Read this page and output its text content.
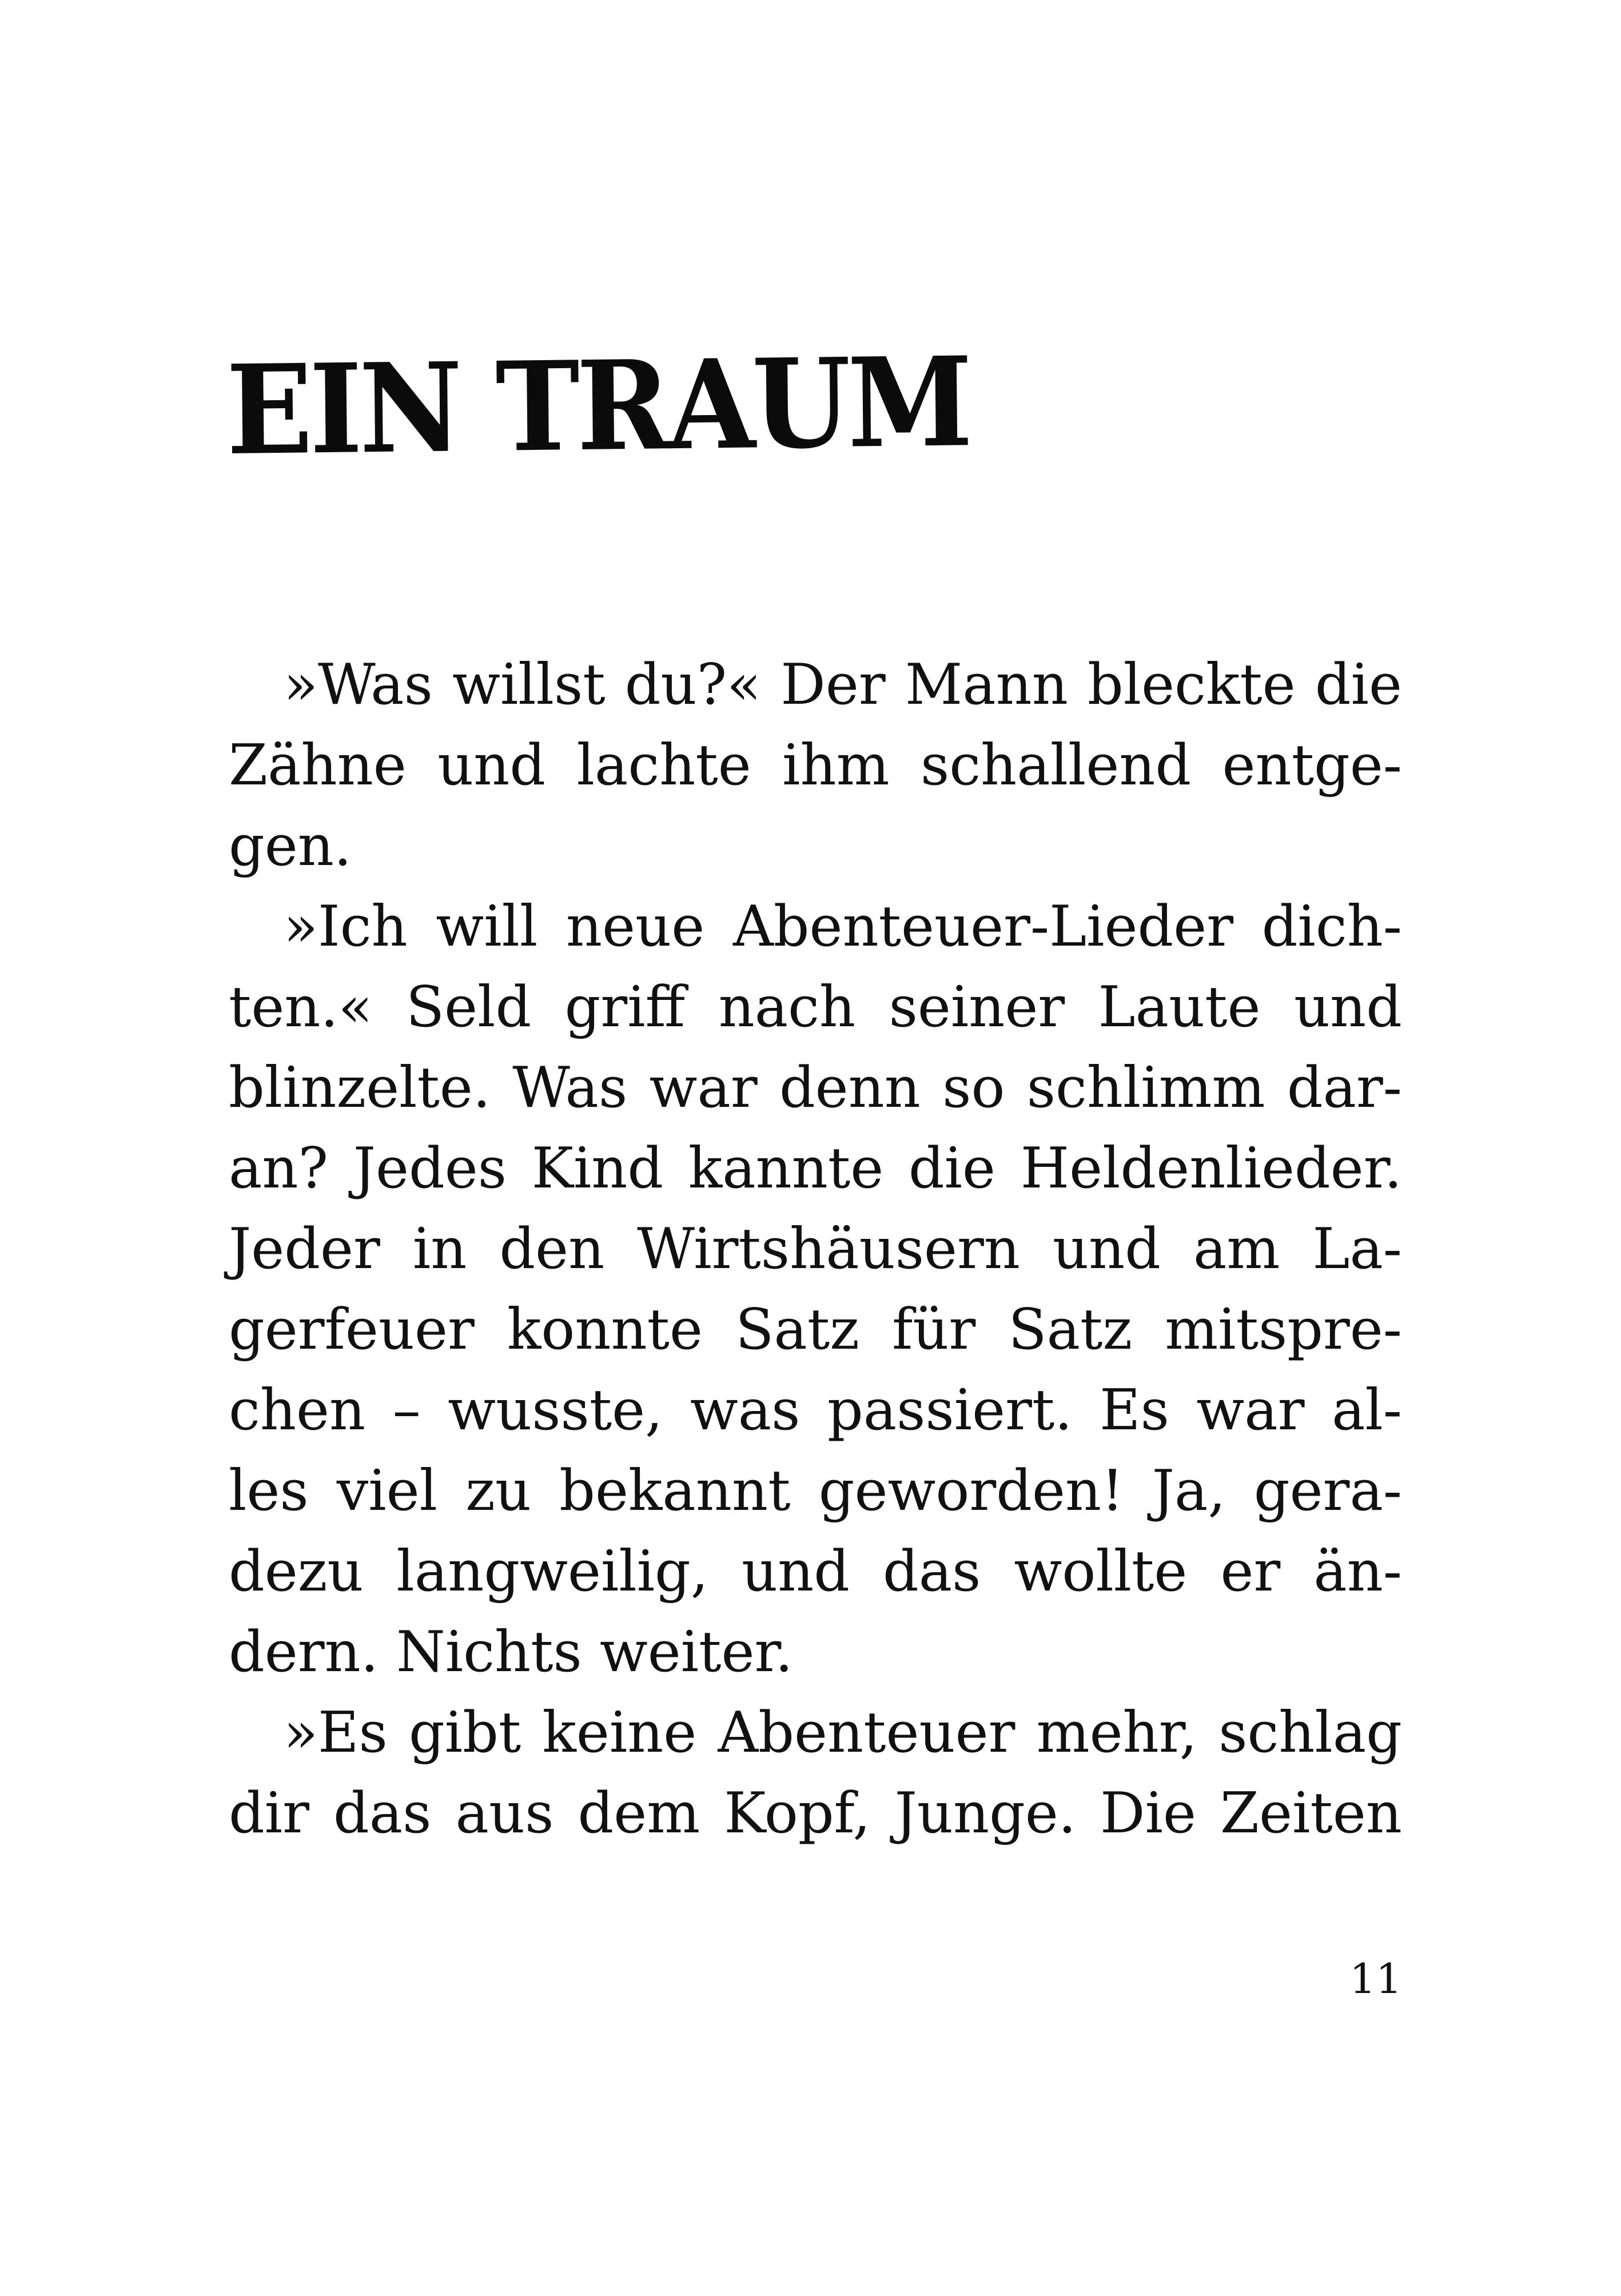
EIN TRAUM
»Was willst du?« Der Mann bleckte die
Zähne und lachte ihm schallend entge-
gen.
»Ich will neue Abenteuer-Lieder dich-
ten.« Seld griff nach seiner Laute und
blinzelte. Was war denn so schlimm dar-
an? Jedes Kind kannte die Heldenlieder.
Jeder in den Wirtshäusern und am La-
gerfeuer konnte Satz für Satz mitspre-
chen – wusste, was passiert. Es war al-
les viel zu bekannt geworden! Ja, gera-
dezu langweilig, und das wollte er än-
dern. Nichts weiter.
»Es gibt keine Abenteuer mehr, schlag
dir das aus dem Kopf, Junge. Die Zeiten

11
